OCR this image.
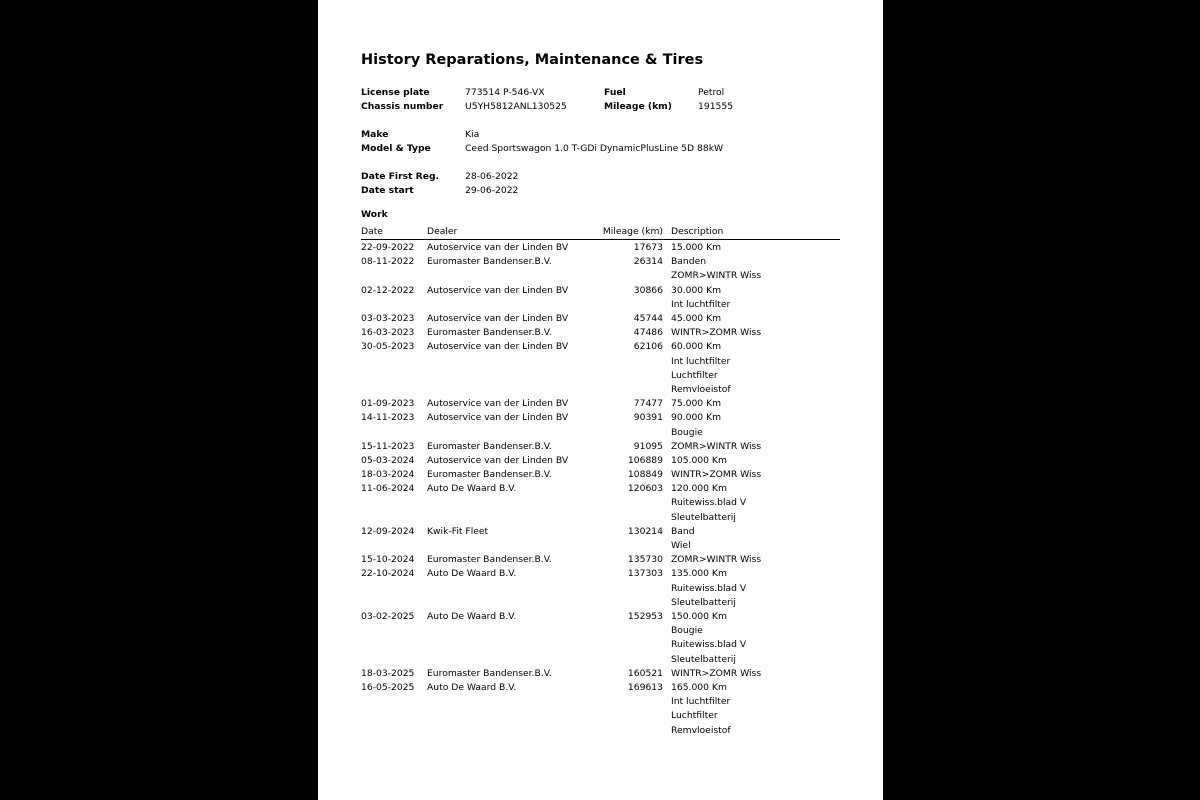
History Reparations, Maintenance & Tires
License plate	773514 P-546-VX	Fuel	Petrol
Chassis number U5YH5812ANL130525	Mileage (km)	191555
Make	Kia
Model & Type	Ceed Sportswagon 1.0 T-GDi DynamicPlusLine 5D 88kW
Date First Reg.	28-06-2022
Date start	29-06-2022
Work
Date	Dealer	Mileage (km) Description
22-09-2022 Autoservice van der Linden BV	17673 15.000 Km
08-11-2022 Euromaster Bandenser.B.V.	26314 Banden
ZOMR>WINTR Wiss
02-12-2022 Autoservice van der Linden BV	30866 30.000 Km
Int luchtfilter
03-03-2023 Autoservice van der Linden BV	45744 45.000 Km
16-03-2023 Euromaster Bandenser.B.V.	47486 WINTR>ZOMR Wiss
30-05-2023 Autoservice van der Linden BV	62106 60.000 Km
Int luchtfilter
Luchtfilter
Remvloeistof
01-09-2023 Autoservice van der Linden BV	77477 75.000 Km
14-11-2023 Autoservice van der Linden BV	90391 90.000 Km
Bougie
15-11-2023 Euromaster Bandenser.B.V.	91095 ZOMR>WINTR Wiss
05-03-2024 Autoservice van der Linden BV	106889 105.000 Km
18-03-2024 Euromaster Bandenser.B.V.	108849 WINTR>ZOMR Wiss
11-06-2024 Auto De Waard B.V.	120603 120.000 Km
Ruitewiss.blad V
Sleutelbatterij
12-09-2024 Kwik-Fit Fleet	130214 Band
Wiel
15-10-2024 Euromaster Bandenser.B.V.	135730 ZOMR>WINTR Wiss
22-10-2024 Auto De Waard B.V.	137303 135.000 Km
Ruitewiss.blad V
Sleutelbatterij
03-02-2025 Auto De Waard B.V.	152953 150.000 Km
Bougie
Ruitewiss.blad V
Sleutelbatterij
18-03-2025 Euromaster Bandenser.B.V.	160521 WINTR>ZOMR Wiss
16-05-2025 Auto De Waard B.V.	169613 165.000 Km
Int luchtfilter
Luchtfilter
Remvloeistof
